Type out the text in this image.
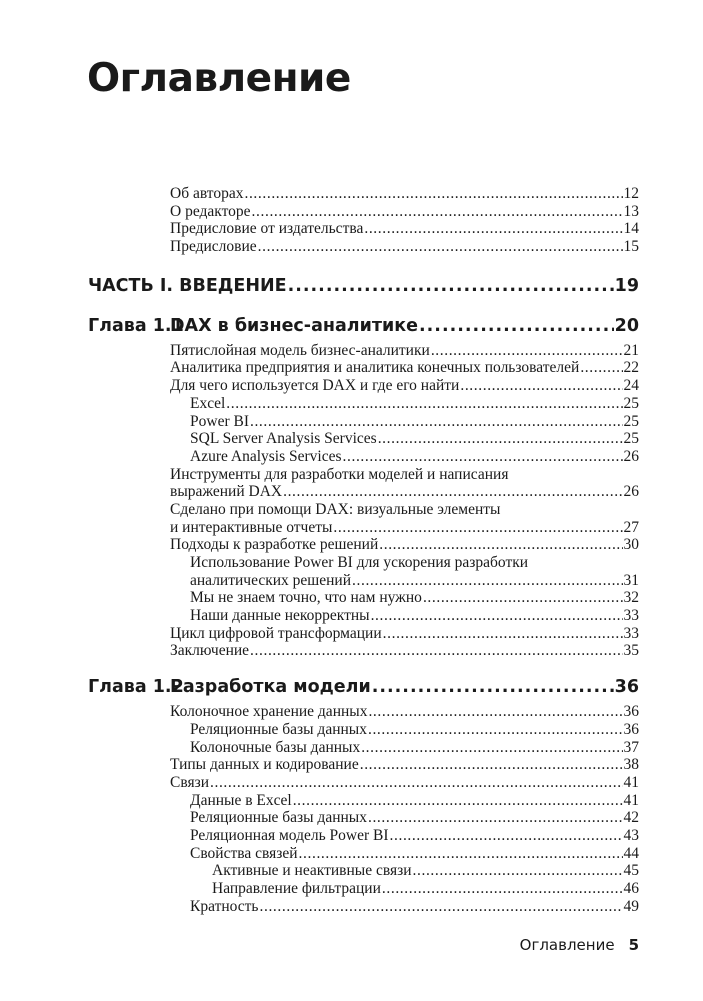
Оглавление
Об авторах .....	12
О редакторе .....	13
Предисловие от издательства .....	14
Предисловие .....	15
ЧАСТЬ I. ВВЕДЕНИЕ .....	19
Глава 1.1
DAX в бизнес-аналитике .....	20
Пятислойная модель бизнес-аналитики .....	21
Аналитика предприятия и аналитика конечных пользователей .....	22
Для чего используется DAX и где его найти .....	24
Excel .....	25
Power BI .....	25
SQL Server Analysis Services .....	25
Azure Analysis Services .....	26
Инструменты для разработки моделей и написания
выражений DAX .....	26
Сделано при помощи DAX: визуальные элементы
и интерактивные отчеты .....	27
Подходы к разработке решений .....	30
Использование Power BI для ускорения разработки
аналитических решений .....	31
Мы не знаем точно, что нам нужно .....	32
Наши данные некорректны .....	33
Цикл цифровой трансформации .....	33
Заключение .....	35
Глава 1.2
Разработка модели .....	36
Колоночное хранение данных .....	36
Реляционные базы данных .....	36
Колоночные базы данных .....	37
Типы данных и кодирование .....	38
Связи .....	41
Данные в Excel .....	41
Реляционные базы данных .....	42
Реляционная модель Power BI .....	43
Свойства связей .....	44
Активные и неактивные связи .....	45
Направление фильтрации .....	46
Кратность .....	49
Оглавление 5
